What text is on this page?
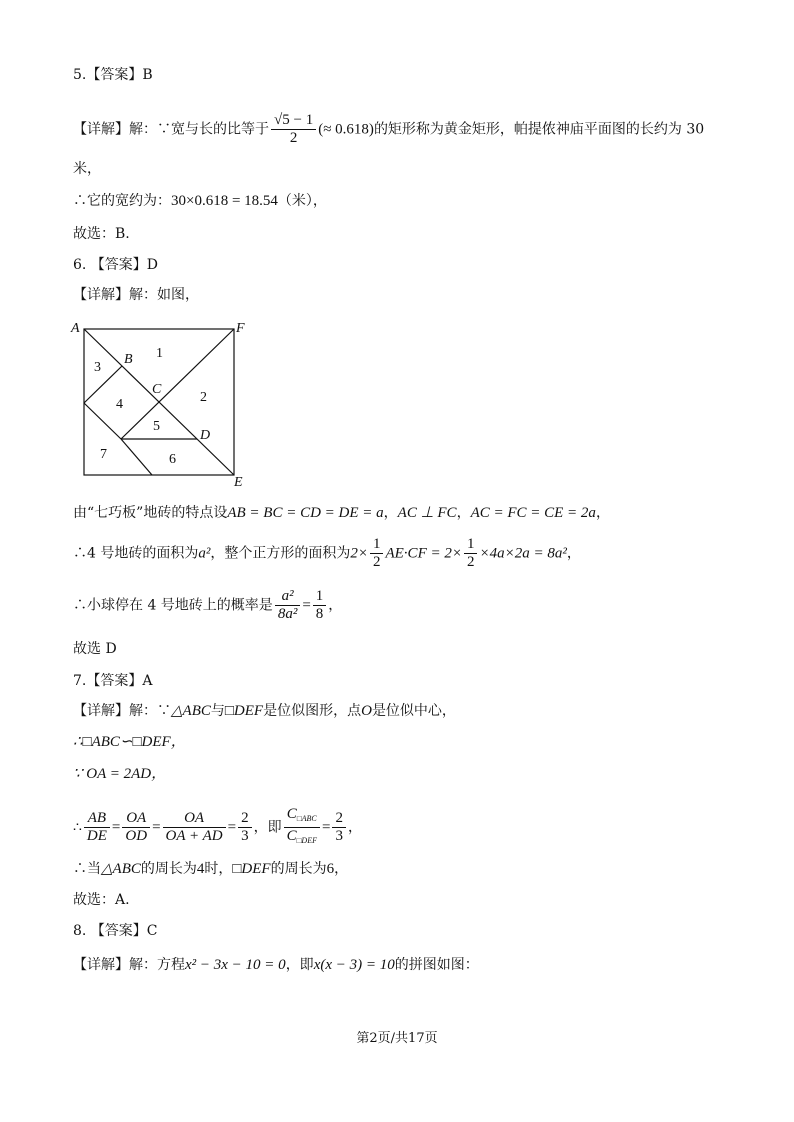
5.【答案】B
【详解】解：∵宽与长的比等于 $\frac{√5 - 1}{2}$ (≈ 0.618)的矩形称为黄金矩形，帕提侬神庙平面图的长约为 30
米，
∴它的宽约为：30×0.618 = 18.54（米），
故选：B.
6. 【答案】D
【详解】解：如图，
A
B
C
D
E
F
1
2
3
4
5
6
7
由“七巧板”地砖的特点设AB = BC = CD = DE = a，AC ⊥ FC，AC = FC = CE = 2a，
∴4 号地砖的面积为a²，整个正方形的面积为$2\times \frac{1}{2} AE\cdot CF = 2\times \frac{1}{2} \times 4a\times 2a = 8a^2$，
∴小球停在 4 号地砖上的概率是 $\frac{\text{a²}}{\text{8a²}} = \frac{1}{8}$ ，
故选 D
7.【答案】A
【详解】解：∵△ABC与□DEF是位似图形，点O是位似中心，
∴□ABC∽□DEF，
∵ OA = 2AD，
∴ $\frac{AB}{DE} = \frac{OA}{OD} = \frac{OA}{OA + AD} = \frac{2}{3}$ ，即 $\frac{C_{□ABC}}{C_{□DEF}} = \frac{2}{3}$ ，
∴当△ABC的周长为4时，□DEF的周长为6，
故选：A.
8. 【答案】C
【详解】解：方程x² − 3x − 10 = 0，即x(x − 3) = 10的拼图如图：
第2页/共17页
